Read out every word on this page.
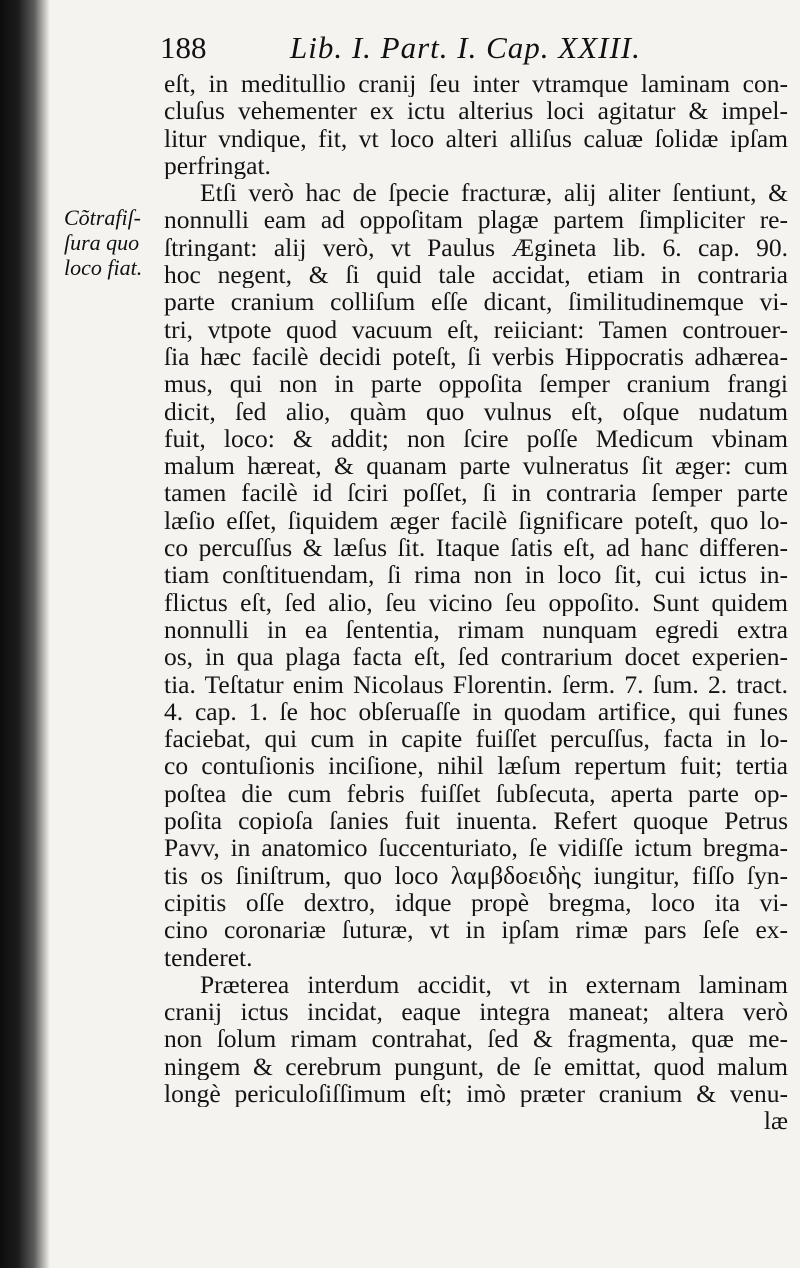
188	Lib. I. Part. I. Cap. XXIII.
Cõtrafiſ-
ſura quo
loco fiat.
eſt, in meditullio cranij ſeu inter vtramque laminam con-
cluſus vehementer ex ictu alterius loci agitatur & impel-
litur vndique, fit, vt loco alteri alliſus caluæ ſolidæ ipſam
perfringat.
Etſi verò hac de ſpecie fracturæ, alij aliter ſentiunt, &
nonnulli eam ad oppoſitam plagæ partem ſimpliciter re-
ſtringant: alij verò, vt Paulus Ægineta lib. 6. cap. 90.
hoc negent, & ſi quid tale accidat, etiam in contraria
parte cranium colliſum eſſe dicant, ſimilitudinemque vi-
tri, vtpote quod vacuum eſt, reiiciant: Tamen controuer-
ſia hæc facilè decidi poteſt, ſi verbis Hippocratis adhærea-
mus, qui non in parte oppoſita ſemper cranium frangi
dicit, ſed alio, quàm quo vulnus eſt, oſque nudatum
fuit, loco: & addit; non ſcire poſſe Medicum vbinam
malum hæreat, & quanam parte vulneratus ſit æger: cum
tamen facilè id ſciri poſſet, ſi in contraria ſemper parte
læſio eſſet, ſiquidem æger facilè ſignificare poteſt, quo lo-
co percuſſus & læſus ſit. Itaque ſatis eſt, ad hanc differen-
tiam conſtituendam, ſi rima non in loco ſit, cui ictus in-
flictus eſt, ſed alio, ſeu vicino ſeu oppoſito. Sunt quidem
nonnulli in ea ſententia, rimam nunquam egredi extra
os, in qua plaga facta eſt, ſed contrarium docet experien-
tia. Teſtatur enim Nicolaus Florentin. ſerm. 7. ſum. 2. tract.
4. cap. 1. ſe hoc obſeruaſſe in quodam artifice, qui funes
faciebat, qui cum in capite fuiſſet percuſſus, facta in lo-
co contuſionis inciſione, nihil læſum repertum fuit; tertia
poſtea die cum febris fuiſſet ſubſecuta, aperta parte op-
poſita copioſa ſanies fuit inuenta. Refert quoque Petrus
Pavv, in anatomico ſuccenturiato, ſe vidiſſe ictum bregma-
tis os ſiniſtrum, quo loco λαμβδοειδὴς iungitur, fiſſo ſyn-
cipitis oſſe dextro, idque propè bregma, loco ita vi-
cino coronariæ ſuturæ, vt in ipſam rimæ pars ſeſe ex-
tenderet.
Præterea interdum accidit, vt in externam laminam
cranij ictus incidat, eaque integra maneat; altera verò
non ſolum rimam contrahat, ſed & fragmenta, quæ me-
ningem & cerebrum pungunt, de ſe emittat, quod malum
longè periculoſiſſimum eſt; imò præter cranium & venu-
læ
